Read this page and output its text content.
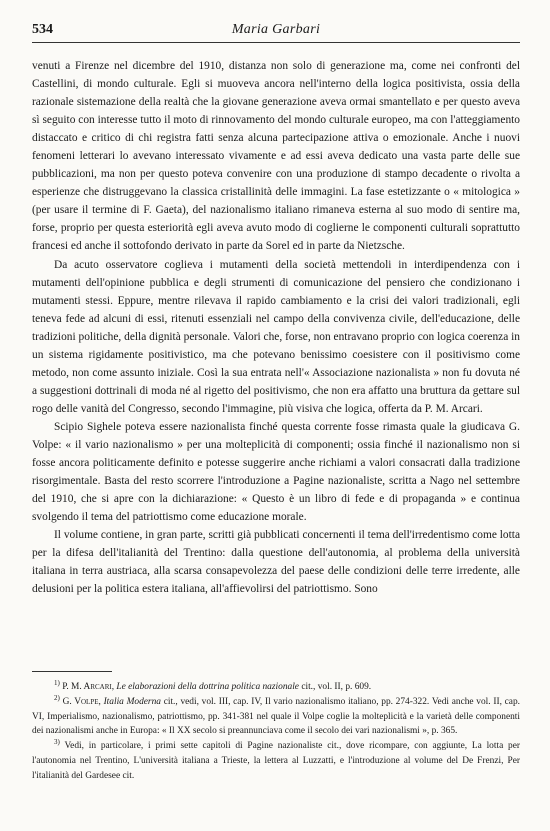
534	Maria Garbari

venuti a Firenze nel dicembre del 1910, distanza non solo di generazione ma, come nei confronti del Castellini, di mondo culturale. Egli si muoveva ancora nell'interno della logica positivista, ossia della razionale sistemazione della realtà che la giovane generazione aveva ormai smantellato e per questo aveva sì seguito con interesse tutto il moto di rinnovamento del mondo culturale europeo, ma con l'atteggiamento distaccato e critico di chi registra fatti senza alcuna partecipazione attiva o emozionale. Anche i nuovi fenomeni letterari lo avevano interessato vivamente e ad essi aveva dedicato una vasta parte delle sue pubblicazioni, ma non per questo poteva convenire con una produzione di stampo decadente o rivolta a esperienze che distruggevano la classica cristallinità delle immagini. La fase estetizzante o « mitologica » (per usare il termine di F. Gaeta), del nazionalismo italiano rimaneva esterna al suo modo di sentire ma, forse, proprio per questa esteriorità egli aveva avuto modo di coglierne le componenti culturali soprattutto francesi ed anche il sottofondo derivato in parte da Sorel ed in parte da Nietzsche.

Da acuto osservatore coglieva i mutamenti della società mettendoli in interdipendenza con i mutamenti dell'opinione pubblica e degli strumenti di comunicazione del pensiero che condizionano i mutamenti stessi. Eppure, mentre rilevava il rapido cambiamento e la crisi dei valori tradizionali, egli teneva fede ad alcuni di essi, ritenuti essenziali nel campo della convivenza civile, dell'educazione, delle tradizioni politiche, della dignità personale. Valori che, forse, non entravano proprio con logica coerenza in un sistema rigidamente positivistico, ma che potevano benissimo coesistere con il positivismo come metodo, non come assunto iniziale. Così la sua entrata nell'« Associazione nazionalista » non fu dovuta né a suggestioni dottrinali di moda né al rigetto del positivismo, che non era affatto una bruttura da gettare sul rogo delle vanità del Congresso, secondo l'immagine, più visiva che logica, offerta da P. M. Arcari.

Scipio Sighele poteva essere nazionalista finché questa corrente fosse rimasta quale la giudicava G. Volpe: « il vario nazionalismo » per una molteplicità di componenti; ossia finché il nazionalismo non si fosse ancora politicamente definito e potesse suggerire anche richiami a valori consacrati dalla tradizione risorgimentale. Basta del resto scorrere l'introduzione a Pagine nazionaliste, scritta a Nago nel settembre del 1910, che si apre con la dichiarazione: « Questo è un libro di fede e di propaganda » e continua svolgendo il tema del patriottismo come educazione morale.

Il volume contiene, in gran parte, scritti già pubblicati concernenti il tema dell'irredentismo come lotta per la difesa dell'italianità del Trentino: dalla questione dell'autonomia, al problema della università italiana in terra austriaca, alla scarsa consapevolezza del paese delle condizioni delle terre irredente, alle delusioni per la politica estera italiana, all'affievolirsi del patriottismo. Sono

$^{1)}$ P. M. Arcari, Le elaborazioni della dottrina politica nazionale cit., vol. II, p. 609.

$^{2)}$ G. Volpe, Italia Moderna cit., vedi, vol. III, cap. IV, Il vario nazionalismo italiano, pp. 274-322. Vedi anche vol. II, cap. VI, Imperialismo, nazionalismo, patriottismo, pp. 341-381 nel quale il Volpe coglie la molteplicità e la varietà delle componenti dei nazionalismi anche in Europa: « Il XX secolo si preannunciava come il secolo dei vari nazionalismi », p. 365.

$^{3)}$ Vedi, in particolare, i primi sette capitoli di Pagine nazionaliste cit., dove ricompare, con aggiunte, La lotta per l'autonomia nel Trentino, L'università italiana a Trieste, la lettera al Luzzatti, e l'introduzione al volume del De Frenzi, Per l'italianità del Gardesee cit.
